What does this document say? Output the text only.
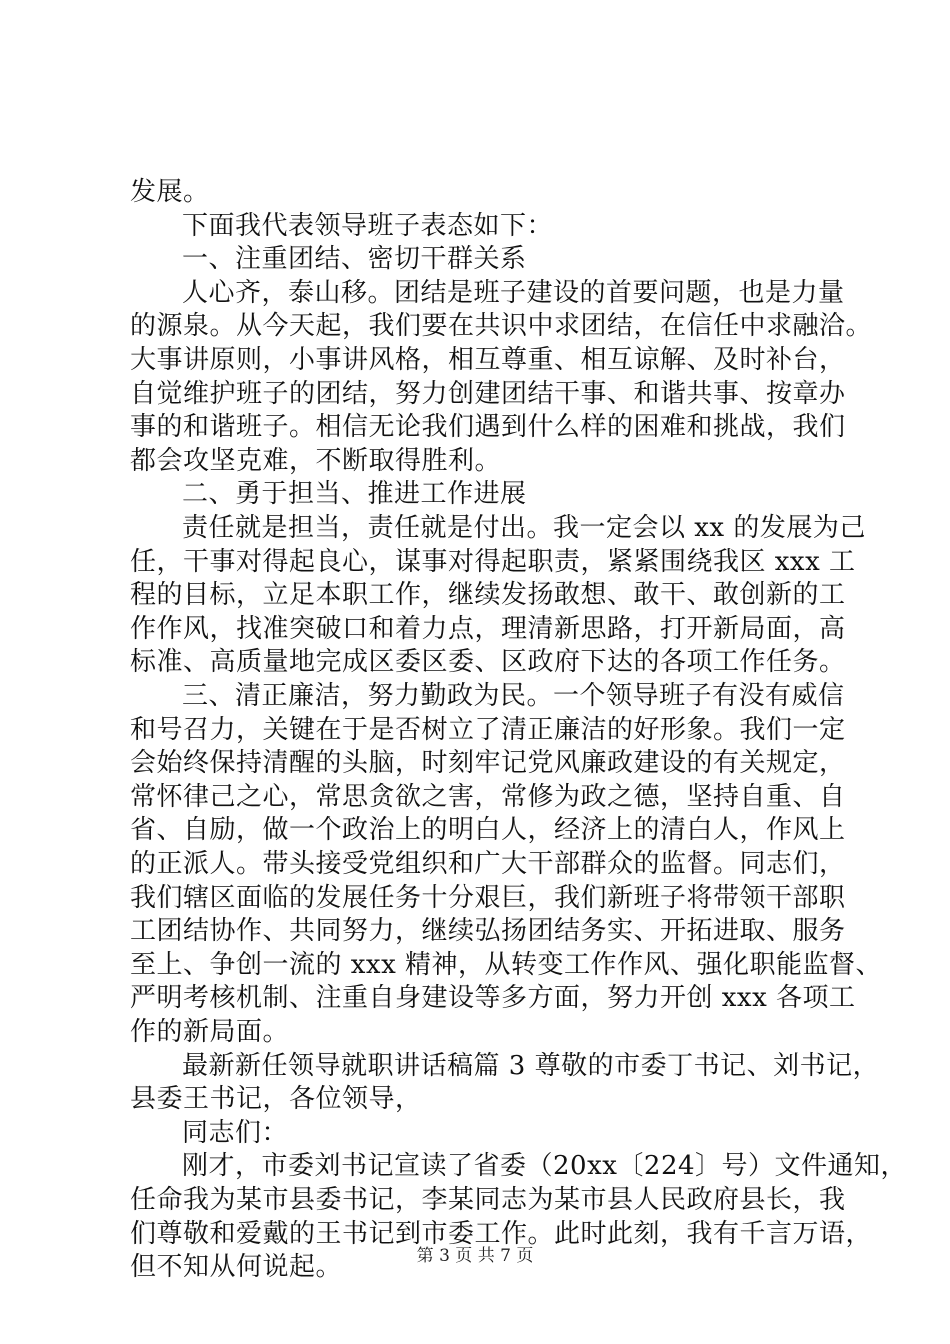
发展。
下面我代表领导班子表态如下：
一、注重团结、密切干群关系
人心齐，泰山移。团结是班子建设的首要问题，也是力量
的源泉。从今天起，我们要在共识中求团结，在信任中求融洽。
大事讲原则，小事讲风格，相互尊重、相互谅解、及时补台，
自觉维护班子的团结，努力创建团结干事、和谐共事、按章办
事的和谐班子。相信无论我们遇到什么样的困难和挑战，我们
都会攻坚克难，不断取得胜利。
二、勇于担当、推进工作进展
责任就是担当，责任就是付出。我一定会以 xx 的发展为己
任，干事对得起良心，谋事对得起职责，紧紧围绕我区 xxx 工
程的目标，立足本职工作，继续发扬敢想、敢干、敢创新的工
作作风，找准突破口和着力点，理清新思路，打开新局面，高
标准、高质量地完成区委区委、区政府下达的各项工作任务。
三、清正廉洁，努力勤政为民。一个领导班子有没有威信
和号召力，关键在于是否树立了清正廉洁的好形象。我们一定
会始终保持清醒的头脑，时刻牢记党风廉政建设的有关规定，
常怀律己之心，常思贪欲之害，常修为政之德，坚持自重、自
省、自励，做一个政治上的明白人，经济上的清白人，作风上
的正派人。带头接受党组织和广大干部群众的监督。同志们，
我们辖区面临的发展任务十分艰巨，我们新班子将带领干部职
工团结协作、共同努力，继续弘扬团结务实、开拓进取、服务
至上、争创一流的 xxx 精神，从转变工作作风、强化职能监督、
严明考核机制、注重自身建设等多方面，努力开创 xxx 各项工
作的新局面。
最新新任领导就职讲话稿篇 3 尊敬的市委丁书记、刘书记，
县委王书记，各位领导，
同志们：
刚才，市委刘书记宣读了省委（20xx〔224〕号）文件通知，
任命我为某市县委书记，李某同志为某市县人民政府县长，我
们尊敬和爱戴的王书记到市委工作。此时此刻，我有千言万语，
但不知从何说起。	第 3 页 共 7 页
